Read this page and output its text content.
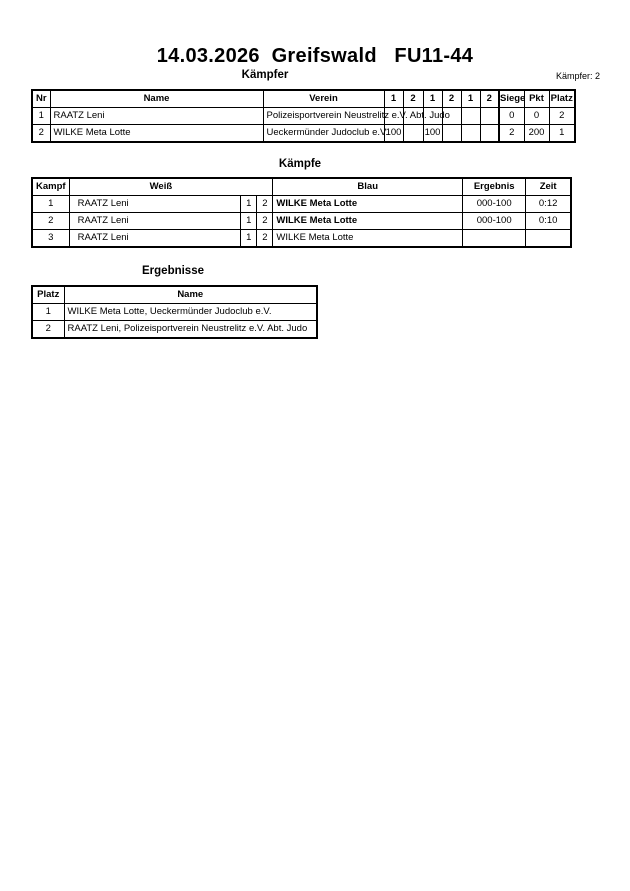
14.03.2026 Greifswald FU11-44
Kämpfer	Kämpfer: 2
Nr	Name	Verein	1	2	1	2	1	2	Siege	Pkt	Platz
1	RAATZ Leni	Polizeisportverein Neustrelitz e.V. Abt. Judo							0	0	2
2	WILKE Meta Lotte	Ueckermünder Judoclub e.V.	100		100				2	200	1
Kämpfe
Kampf	Weiß			Blau	Ergebnis	Zeit
1	RAATZ Leni	1	2	WILKE Meta Lotte	000-100	0:12
2	RAATZ Leni	1	2	WILKE Meta Lotte	000-100	0:10
3	RAATZ Leni	1	2	WILKE Meta Lotte		
Ergebnisse
Platz	Name
1	WILKE Meta Lotte, Ueckermünder Judoclub e.V.
2	RAATZ Leni, Polizeisportverein Neustrelitz e.V. Abt. Judo
